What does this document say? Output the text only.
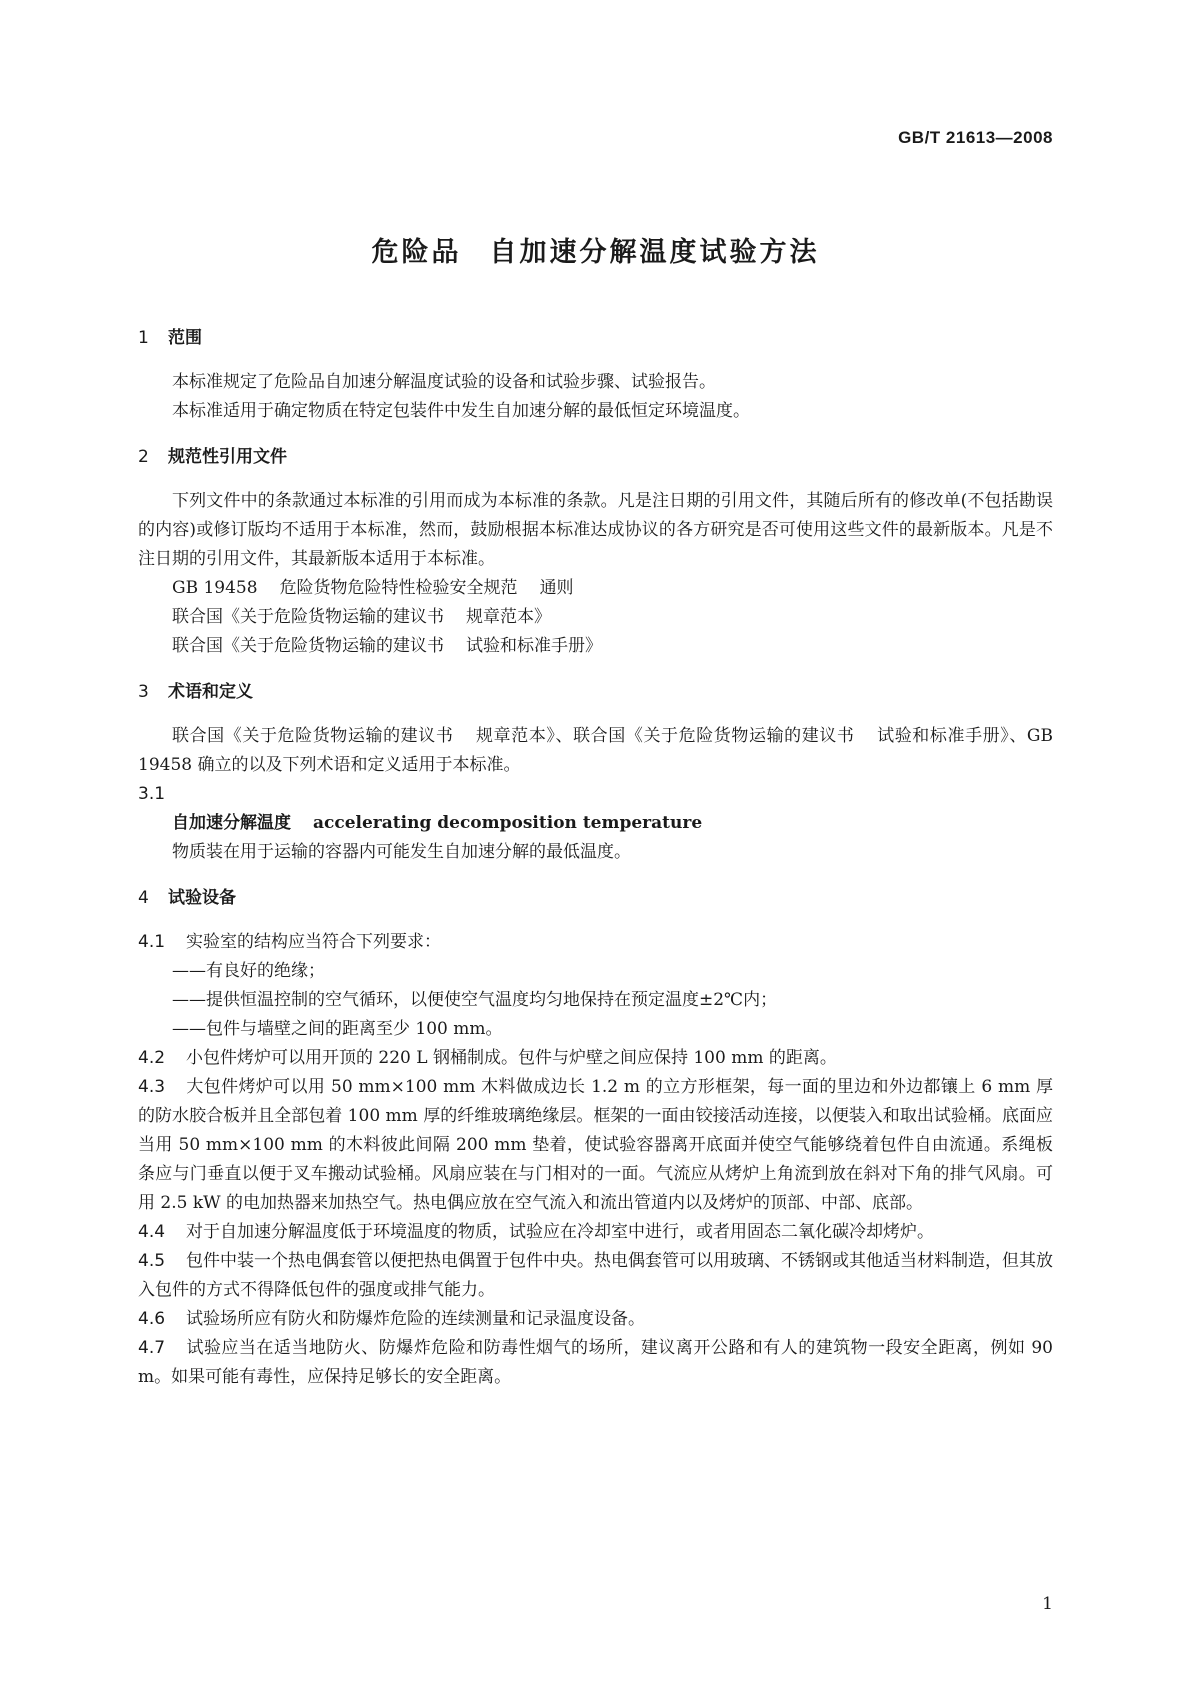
GB/T 21613—2008
危险品 自加速分解温度试验方法
1 范围

本标准规定了危险品自加速分解温度试验的设备和试验步骤、试验报告。

本标准适用于确定物质在特定包装件中发生自加速分解的最低恒定环境温度。

2 规范性引用文件

下列文件中的条款通过本标准的引用而成为本标准的条款。凡是注日期的引用文件，其随后所有的修改单(不包括勘误的内容)或修订版均不适用于本标准，然而，鼓励根据本标准达成协议的各方研究是否可使用这些文件的最新版本。凡是不注日期的引用文件，其最新版本适用于本标准。

GB 19458 危险货物危险特性检验安全规范 通则

联合国《关于危险货物运输的建议书 规章范本》

联合国《关于危险货物运输的建议书 试验和标准手册》

3 术语和定义

联合国《关于危险货物运输的建议书 规章范本》、联合国《关于危险货物运输的建议书 试验和标准手册》、GB 19458 确立的以及下列术语和定义适用于本标准。

3.1

自加速分解温度 accelerating decomposition temperature

物质装在用于运输的容器内可能发生自加速分解的最低温度。

4 试验设备

4.1 实验室的结构应当符合下列要求：

——有良好的绝缘；

——提供恒温控制的空气循环，以便使空气温度均匀地保持在预定温度±2℃内；

——包件与墙壁之间的距离至少 100 mm。

4.2 小包件烤炉可以用开顶的 220 L 钢桶制成。包件与炉壁之间应保持 100 mm 的距离。

4.3 大包件烤炉可以用 50 mm×100 mm 木料做成边长 1.2 m 的立方形框架，每一面的里边和外边都镶上 6 mm 厚的防水胶合板并且全部包着 100 mm 厚的纤维玻璃绝缘层。框架的一面由铰接活动连接，以便装入和取出试验桶。底面应当用 50 mm×100 mm 的木料彼此间隔 200 mm 垫着，使试验容器离开底面并使空气能够绕着包件自由流通。系绳板条应与门垂直以便于叉车搬动试验桶。风扇应装在与门相对的一面。气流应从烤炉上角流到放在斜对下角的排气风扇。可用 2.5 kW 的电加热器来加热空气。热电偶应放在空气流入和流出管道内以及烤炉的顶部、中部、底部。

4.4 对于自加速分解温度低于环境温度的物质，试验应在冷却室中进行，或者用固态二氧化碳冷却烤炉。

4.5 包件中装一个热电偶套管以便把热电偶置于包件中央。热电偶套管可以用玻璃、不锈钢或其他适当材料制造，但其放入包件的方式不得降低包件的强度或排气能力。

4.6 试验场所应有防火和防爆炸危险的连续测量和记录温度设备。

4.7 试验应当在适当地防火、防爆炸危险和防毒性烟气的场所，建议离开公路和有人的建筑物一段安全距离，例如 90 m。如果可能有毒性，应保持足够长的安全距离。

1
